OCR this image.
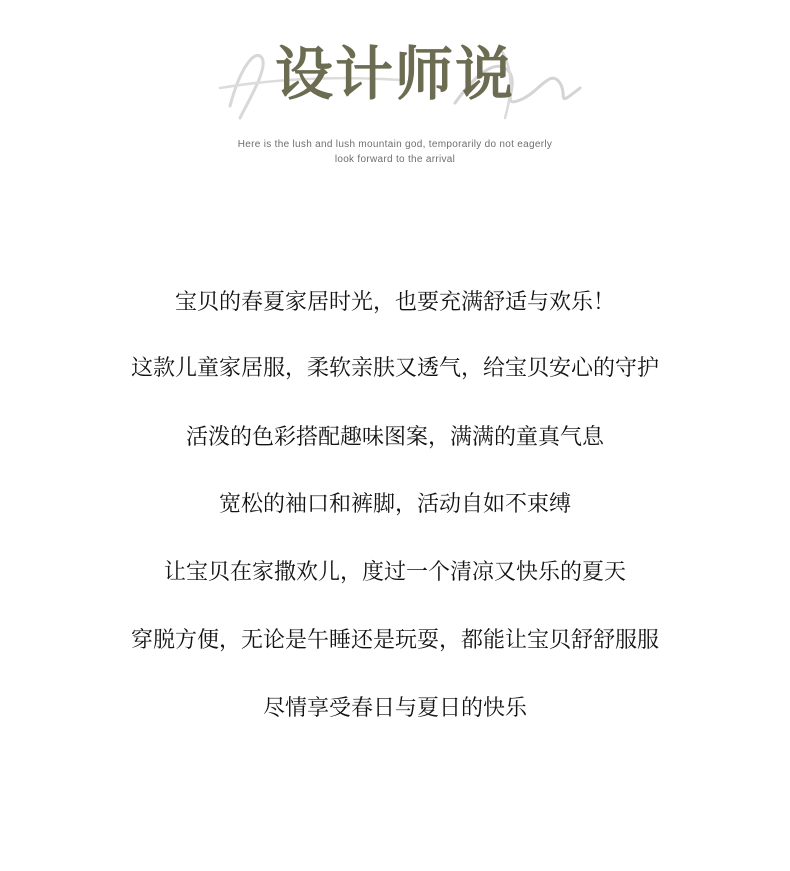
设计师说
Here is the lush and lush mountain god, temporarily do not eagerly
look forward to the arrival
宝贝的春夏家居时光，也要充满舒适与欢乐！
这款儿童家居服，柔软亲肤又透气，给宝贝安心的守护
活泼的色彩搭配趣味图案，满满的童真气息
宽松的袖口和裤脚，活动自如不束缚
让宝贝在家撒欢儿，度过一个清凉又快乐的夏天
穿脱方便，无论是午睡还是玩耍，都能让宝贝舒舒服服
尽情享受春日与夏日的快乐
